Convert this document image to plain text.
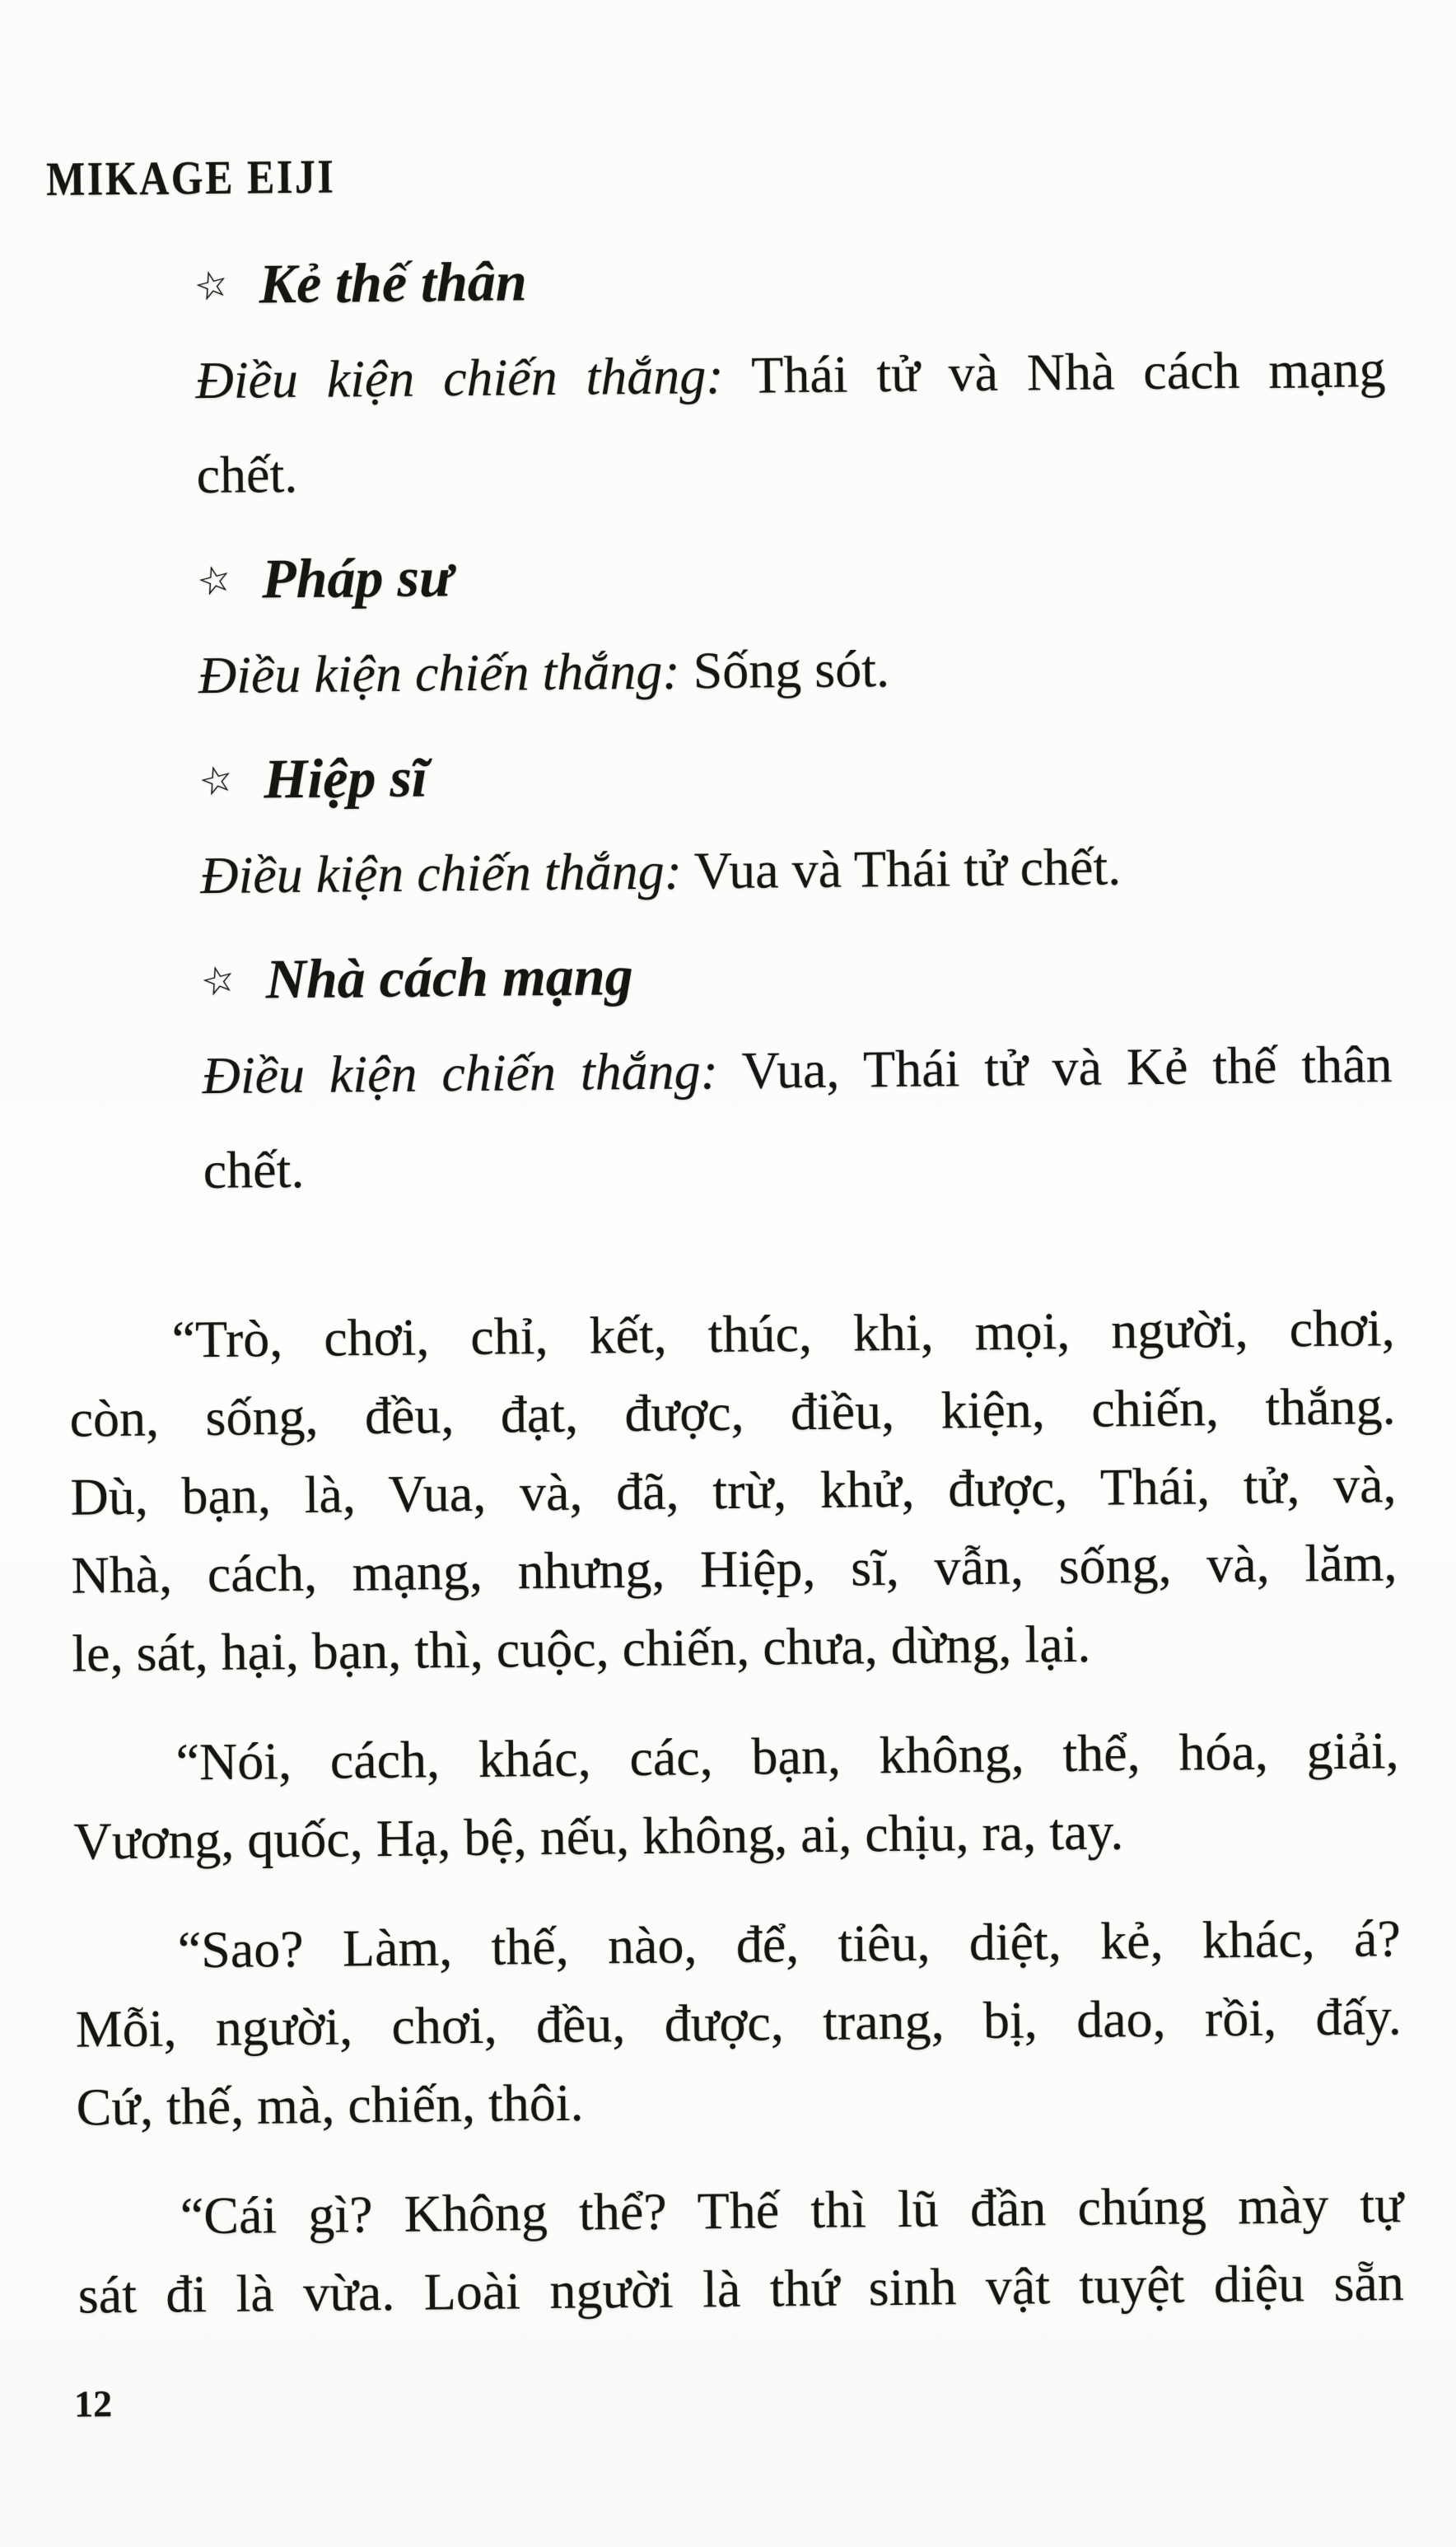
MIKAGE EIJI
☆ Kẻ thế thân
Điều kiện chiến thắng: Thái tử và Nhà cách mạng
chết.
☆ Pháp sư
Điều kiện chiến thắng: Sống sót.
☆ Hiệp sĩ
Điều kiện chiến thắng: Vua và Thái tử chết.
☆ Nhà cách mạng
Điều kiện chiến thắng: Vua, Thái tử và Kẻ thế thân
chết.
“Trò, chơi, chỉ, kết, thúc, khi, mọi, người, chơi,
còn, sống, đều, đạt, được, điều, kiện, chiến, thắng.
Dù, bạn, là, Vua, và, đã, trừ, khử, được, Thái, tử, và,
Nhà, cách, mạng, nhưng, Hiệp, sĩ, vẫn, sống, và, lăm,
le, sát, hại, bạn, thì, cuộc, chiến, chưa, dừng, lại.
“Nói, cách, khác, các, bạn, không, thể, hóa, giải,
Vương, quốc, Hạ, bệ, nếu, không, ai, chịu, ra, tay.
“Sao? Làm, thế, nào, để, tiêu, diệt, kẻ, khác, á?
Mỗi, người, chơi, đều, được, trang, bị, dao, rồi, đấy.
Cứ, thế, mà, chiến, thôi.
“Cái gì? Không thể? Thế thì lũ đần chúng mày tự
sát đi là vừa. Loài người là thứ sinh vật tuyệt diệu sẵn
12
